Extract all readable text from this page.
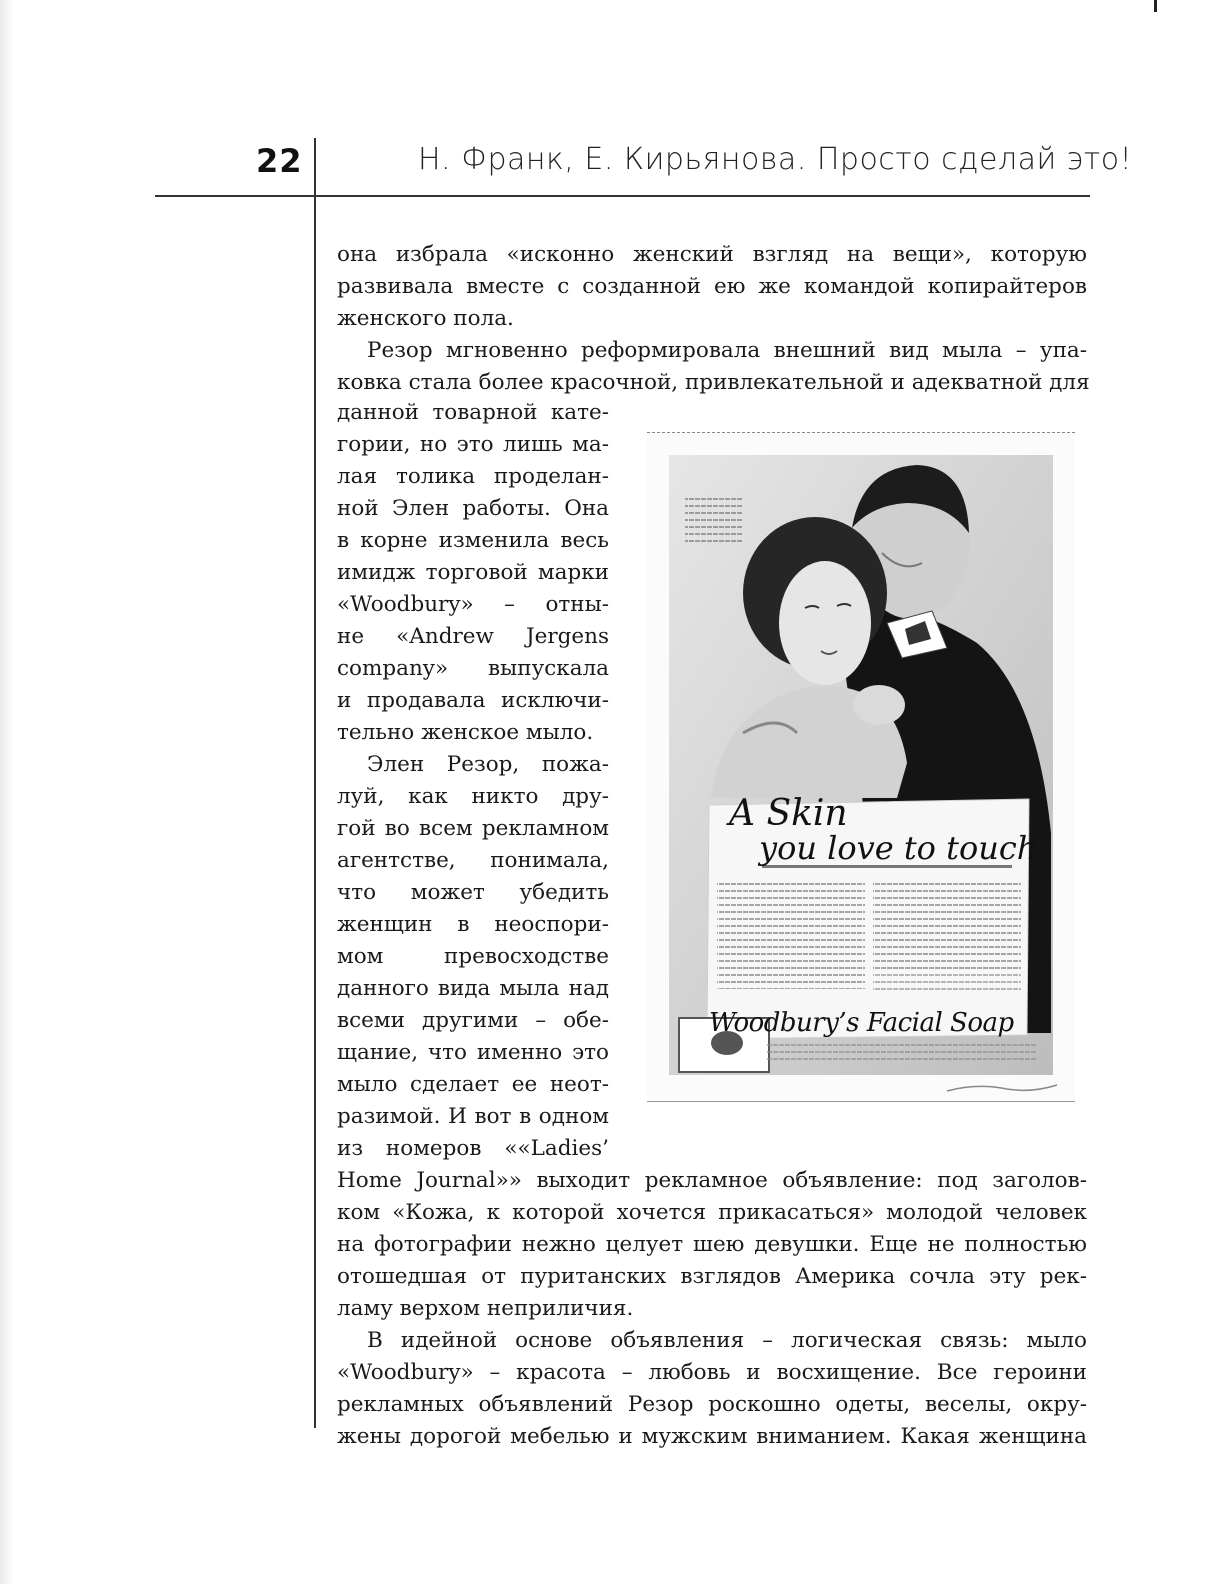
22	Н. Франк, Е. Кирьянова. Просто сделай это!
она избрала «исконно женский взгляд на вещи», которую
развивала вместе с созданной ею же командой копирайтеров
женского пола.
Резор мгновенно реформировала внешний вид мыла – упа-
ковка стала более красочной, привлекательной и адекватной для
данной товарной кате-
гории, но это лишь ма-
лая толика проделан-
ной Элен работы. Она
в корне изменила весь
имидж торговой марки
«Woodbury» – отны-
не «Andrew Jergens
company» выпускала
и продавала исключи-
тельно женское мыло.
Элен Резор, пожа-
луй, как никто дру-
гой во всем рекламном
агентстве, понимала,
что может убедить
женщин в неоспори-
мом превосходстве
данного вида мыла над
всеми другими – обе-
щание, что именно это
мыло сделает ее неот-
разимой. И вот в одном
из номеров ««Ladies’
Home Journal»» выходит рекламное объявление: под заголов-
ком «Кожа, к которой хочется прикасаться» молодой человек
на фотографии нежно целует шею девушки. Еще не полностью
отошедшая от пуританских взглядов Америка сочла эту рек-
ламу верхом неприличия.
В идейной основе объявления – логическая связь: мыло
«Woodbury» – красота – любовь и восхищение. Все героини
рекламных объявлений Резор роскошно одеты, веселы, окру-
жены дорогой мебелью и мужским вниманием. Какая женщина
A Skin
you love to touch
Woodbury’s Facial Soap
